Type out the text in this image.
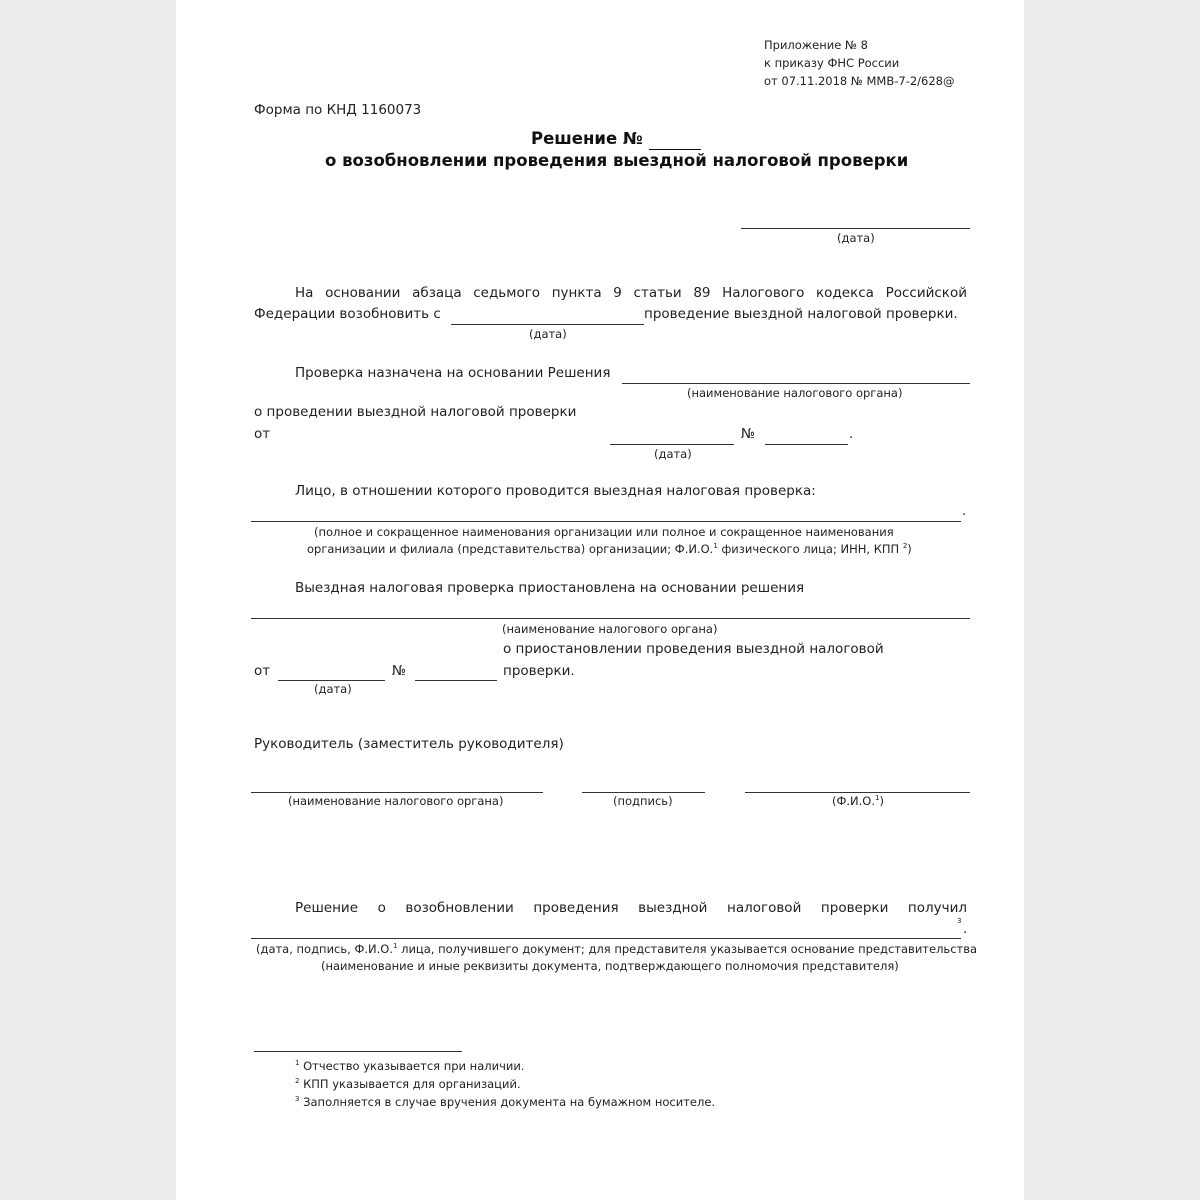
Приложение № 8
к приказу ФНС России
от 07.11.2018 № ММВ-7-2/628@
Форма по КНД 1160073
Решение №
о возобновлении проведения выездной налоговой проверки
(дата)
На основании абзаца седьмого пункта 9 статьи 89 Налогового кодекса Российской
Федерации возобновить с	проведение выездной налоговой проверки.
(дата)
Проверка назначена на основании Решения
(наименование налогового органа)
о проведении выездной налоговой проверки
от	№	.
(дата)
Лицо, в отношении которого проводится выездная налоговая проверка:
.
(полное и сокращенное наименования организации или полное и сокращенное наименования
организации и филиала (представительства) организации; Ф.И.О.$^1$ физического лица; ИНН, КПП $^2$)
Выездная налоговая проверка приостановлена на основании решения
(наименование налогового органа)
о приостановлении проведения выездной налоговой
от	№	проверки.
(дата)
Руководитель (заместитель руководителя)
(наименование налогового органа)	(подпись)	(Ф.И.О.$^1$)
Решение о возобновлении проведения выездной налоговой проверки получил
3 .
(дата, подпись, Ф.И.О.$^1$ лица, получившего документ; для представителя указывается основание представительства
(наименование и иные реквизиты документа, подтверждающего полномочия представителя)
$^1$ Отчество указывается при наличии.
$^2$ КПП указывается для организаций.
$^3$ Заполняется в случае вручения документа на бумажном носителе.
